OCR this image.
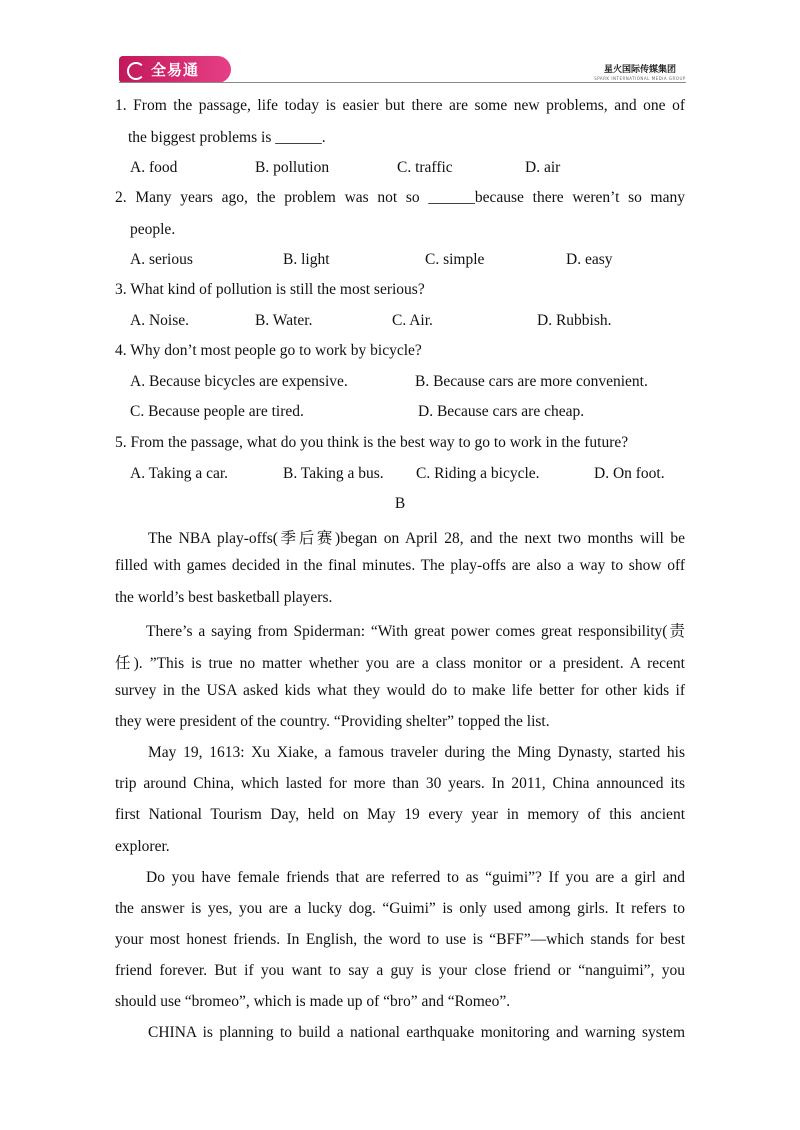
全易通	星火国际传媒集团
SPARK INTERNATIONAL MEDIA GROUP
1. From the passage, life today is easier but there are some new problems, and one of
the biggest problems is ______.
A. food	B. pollution	C. traffic	D. air
2. Many years ago, the problem was not so ______because there weren’t so many
people.
A. serious	B. light	C. simple	D. easy
3. What kind of pollution is still the most serious?
A. Noise.	B. Water.	C. Air.	D. Rubbish.
4. Why don’t most people go to work by bicycle?
A. Because bicycles are expensive.	B. Because cars are more convenient.
C. Because people are tired.	D. Because cars are cheap.
5. From the passage, what do you think is the best way to go to work in the future?
A. Taking a car.	B. Taking a bus. C. Riding a bicycle.	D. On foot.
B
The NBA play-offs(季后赛)began on April 28, and the next two months will be
filled with games decided in the final minutes. The play-offs are also a way to show off
the world’s best basketball players.
There’s a saying from Spiderman: “With great power comes great responsibility(责
任). ”This is true no matter whether you are a class monitor or a president. A recent
survey in the USA asked kids what they would do to make life better for other kids if
they were president of the country. “Providing shelter” topped the list.
May 19, 1613: Xu Xiake, a famous traveler during the Ming Dynasty, started his
trip around China, which lasted for more than 30 years. In 2011, China announced its
first National Tourism Day, held on May 19 every year in memory of this ancient
explorer.
Do you have female friends that are referred to as “guimi”? If you are a girl and
the answer is yes, you are a lucky dog. “Guimi” is only used among girls. It refers to
your most honest friends. In English, the word to use is “BFF”—which stands for best
friend forever. But if you want to say a guy is your close friend or “nanguimi”, you
should use “bromeo”, which is made up of “bro” and “Romeo”.
CHINA is planning to build a national earthquake monitoring and warning system
